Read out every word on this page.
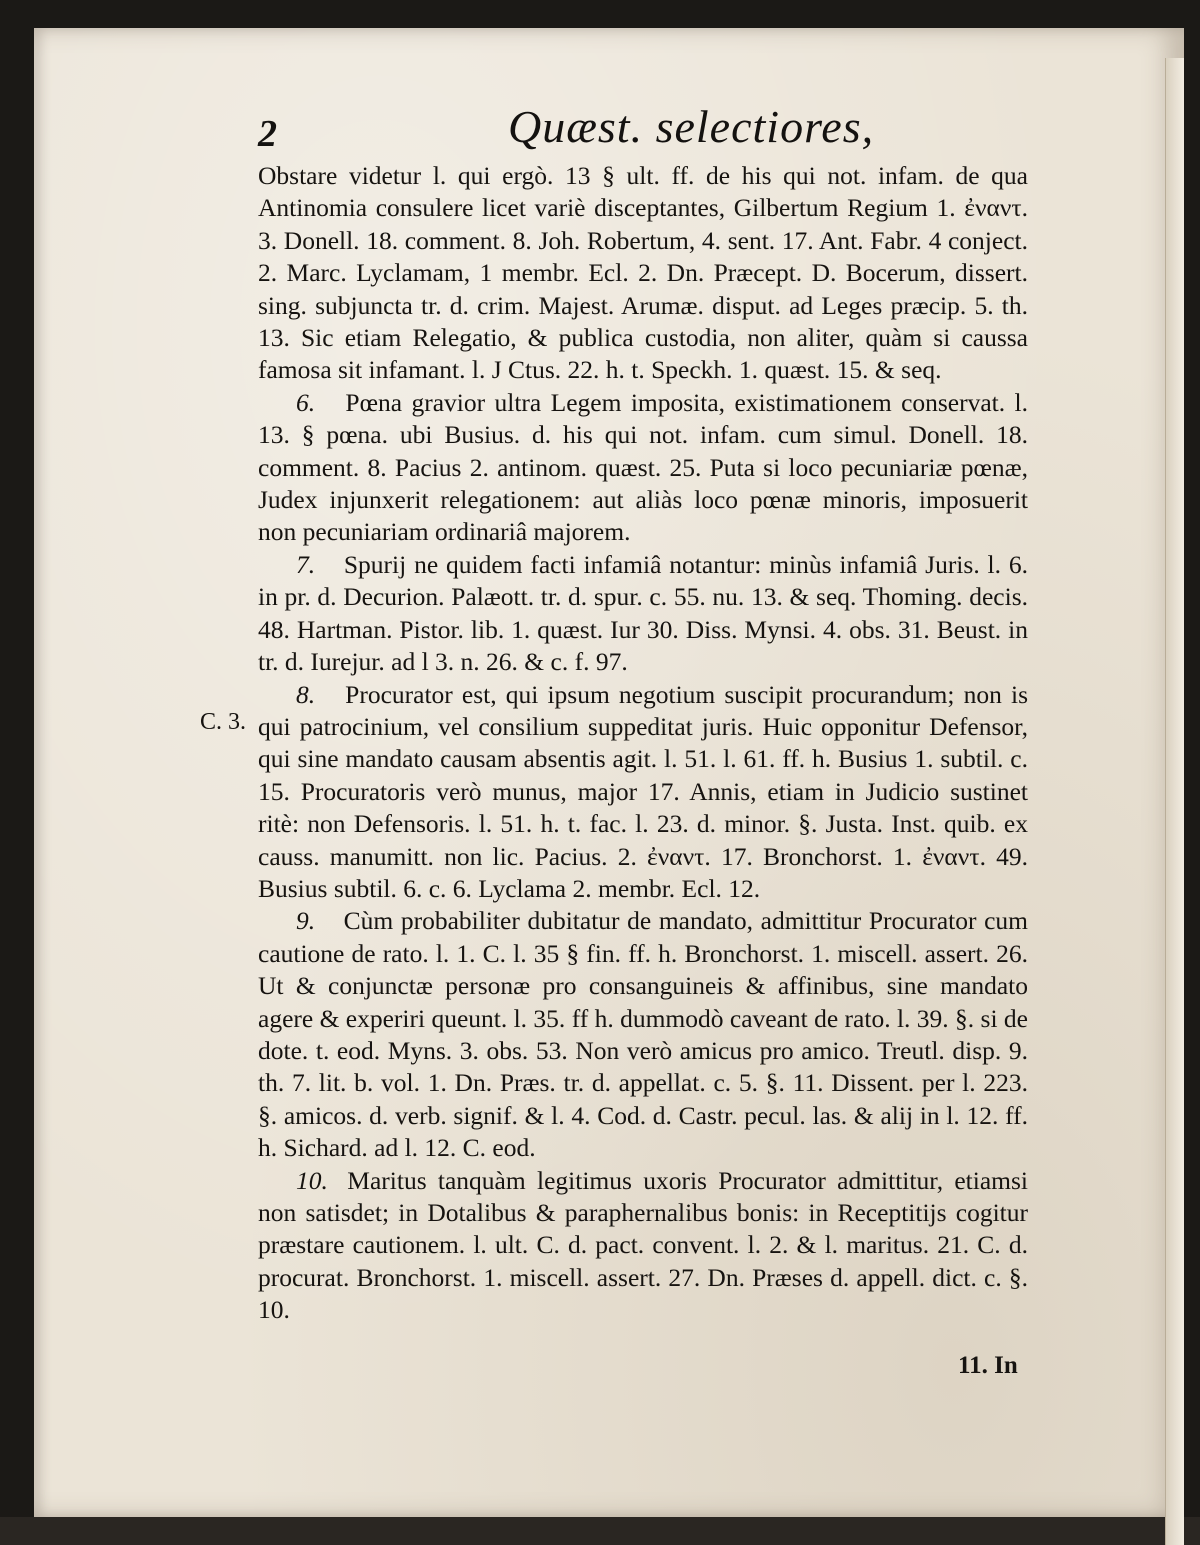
2	Quæst. selectiores,
C. 3.

Obstare videtur l. qui ergò. 13 § ult. ff. de his qui not. infam. de qua Antinomia consulere licet variè disceptantes, Gilbertum Regium 1. ἐναντ. 3. Donell. 18. comment. 8. Joh. Robertum, 4. sent. 17. Ant. Fabr. 4 conject. 2. Marc. Lyclamam, 1 membr. Ecl. 2. Dn. Præcept. D. Bocerum, dissert. sing. subjuncta tr. d. crim. Majest. Arumæ. disput. ad Leges præcip. 5. th. 13. Sic etiam Relegatio, & publica custodia, non aliter, quàm si caussa famosa sit infamant. l. J Ctus. 22. h. t. Speckh. 1. quæst. 15. & seq.

6. Pœna gravior ultra Legem imposita, existimationem conservat. l. 13. § pœna. ubi Busius. d. his qui not. infam. cum simul. Donell. 18. comment. 8. Pacius 2. antinom. quæst. 25. Puta si loco pecuniariæ pœnæ, Judex injunxerit relegationem: aut aliàs loco pœnæ minoris, imposuerit non pecuniariam ordinariâ majorem.

7. Spurij ne quidem facti infamiâ notantur: minùs infamiâ Juris. l. 6. in pr. d. Decurion. Palæott. tr. d. spur. c. 55. nu. 13. & seq. Thoming. decis. 48. Hartman. Pistor. lib. 1. quæst. Iur 30. Diss. Mynsi. 4. obs. 31. Beust. in tr. d. Iurejur. ad l 3. n. 26. & c. f. 97.

8. Procurator est, qui ipsum negotium suscipit procurandum; non is qui patrocinium, vel consilium suppeditat juris. Huic opponitur Defensor, qui sine mandato causam absentis agit. l. 51. l. 61. ff. h. Busius 1. subtil. c. 15. Procuratoris verò munus, major 17. Annis, etiam in Judicio sustinet ritè: non Defensoris. l. 51. h. t. fac. l. 23. d. minor. §. Justa. Inst. quib. ex causs. manumitt. non lic. Pacius. 2. ἐναντ. 17. Bronchorst. 1. ἐναντ. 49. Busius subtil. 6. c. 6. Lyclama 2. membr. Ecl. 12.

9. Cùm probabiliter dubitatur de mandato, admittitur Procurator cum cautione de rato. l. 1. C. l. 35 § fin. ff. h. Bronchorst. 1. miscell. assert. 26. Ut & conjunctæ personæ pro consanguineis & affinibus, sine mandato agere & experiri queunt. l. 35. ff h. dummodò caveant de rato. l. 39. §. si de dote. t. eod. Myns. 3. obs. 53. Non verò amicus pro amico. Treutl. disp. 9. th. 7. lit. b. vol. 1. Dn. Præs. tr. d. appellat. c. 5. §. 11. Dissent. per l. 223. §. amicos. d. verb. signif. & l. 4. Cod. d. Castr. pecul. las. & alij in l. 12. ff. h. Sichard. ad l. 12. C. eod.

10. Maritus tanquàm legitimus uxoris Procurator admittitur, etiamsi non satisdet; in Dotalibus & paraphernalibus bonis: in Receptitijs cogitur præstare cautionem. l. ult. C. d. pact. convent. l. 2. & l. maritus. 21. C. d. procurat. Bronchorst. 1. miscell. assert. 27. Dn. Præses d. appell. dict. c. §. 10.

11. In
